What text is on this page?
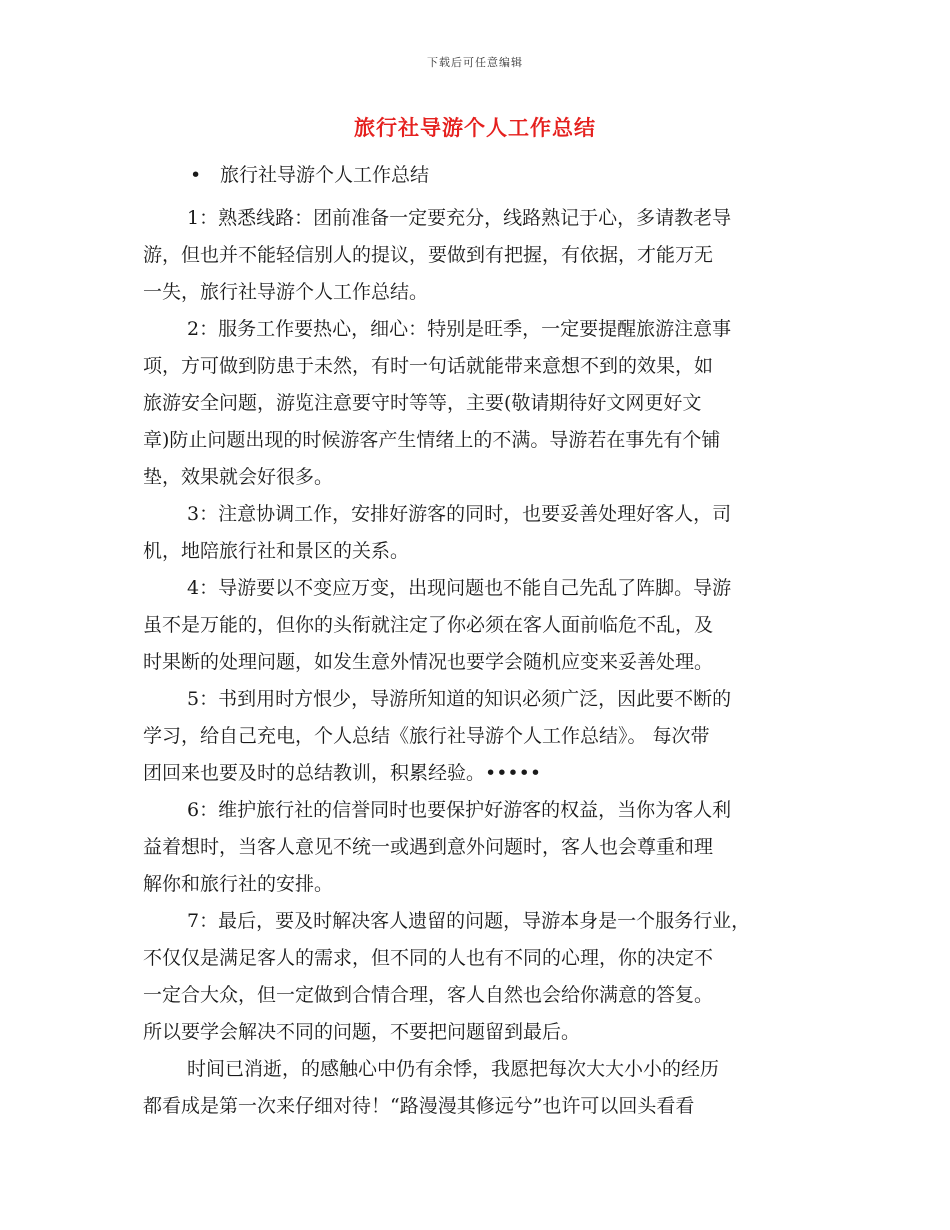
下载后可任意编辑
旅行社导游个人工作总结
• 旅行社导游个人工作总结

1：熟悉线路：团前准备一定要充分，线路熟记于心，多请教老导
游，但也并不能轻信别人的提议，要做到有把握，有依据，才能万无
一失，旅行社导游个人工作总结。

2：服务工作要热心，细心：特别是旺季，一定要提醒旅游注意事
项，方可做到防患于未然，有时一句话就能带来意想不到的效果，如
旅游安全问题，游览注意要守时等等，主要(敬请期待好文网更好文
章)防止问题出现的时候游客产生情绪上的不满。导游若在事先有个铺
垫，效果就会好很多。

3：注意协调工作，安排好游客的同时，也要妥善处理好客人，司
机，地陪旅行社和景区的关系。

4：导游要以不变应万变，出现问题也不能自己先乱了阵脚。导游
虽不是万能的，但你的头衔就注定了你必须在客人面前临危不乱，及
时果断的处理问题，如发生意外情况也要学会随机应变来妥善处理。

5：书到用时方恨少，导游所知道的知识必须广泛，因此要不断的
学习，给自己充电，个人总结《旅行社导游个人工作总结》。 每次带
团回来也要及时的总结教训，积累经验。•••••

6：维护旅行社的信誉同时也要保护好游客的权益，当你为客人利
益着想时，当客人意见不统一或遇到意外问题时，客人也会尊重和理
解你和旅行社的安排。

7：最后，要及时解决客人遗留的问题，导游本身是一个服务行业，
不仅仅是满足客人的需求，但不同的人也有不同的心理，你的决定不
一定合大众，但一定做到合情合理，客人自然也会给你满意的答复。
所以要学会解决不同的问题，不要把问题留到最后。

时间已消逝，的感触心中仍有余悸，我愿把每次大大小小的经历
都看成是第一次来仔细对待！“路漫漫其修远兮”也许可以回头看看
